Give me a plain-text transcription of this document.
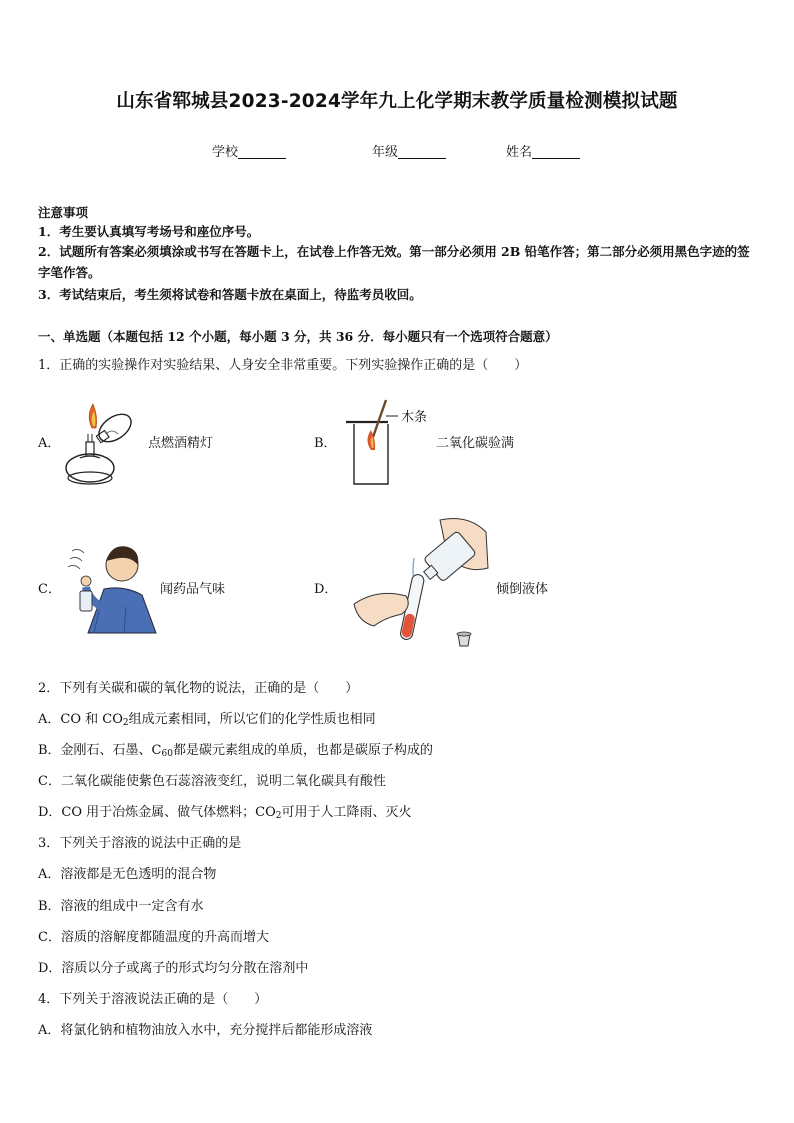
山东省郓城县2023-2024学年九上化学期末教学质量检测模拟试题
学校	年级	姓名
注意事项
1．考生要认真填写考场号和座位序号。
2．试题所有答案必须填涂或书写在答题卡上，在试卷上作答无效。第一部分必须用 2B 铅笔作答；第二部分必须用黑色字迹的签字笔作答。
3．考试结束后，考生须将试卷和答题卡放在桌面上，待监考员收回。
一、单选题（本题包括 12 个小题，每小题 3 分，共 36 分．每小题只有一个选项符合题意）
1．正确的实验操作对实验结果、人身安全非常重要。下列实验操作正确的是（　　）
A．	点燃酒精灯	B．
木条
二氧化碳验满
C．	闻药品气味	D．	倾倒液体
2．下列有关碳和碳的氧化物的说法，正确的是（　　）
A．CO 和 $CO_2$组成元素相同，所以它们的化学性质也相同
B．金刚石、石墨、$C_{60}$都是碳元素组成的单质，也都是碳原子构成的
C．二氧化碳能使紫色石蕊溶液变红，说明二氧化碳具有酸性
D．CO 用于冶炼金属、做气体燃料；$CO_2$可用于人工降雨、灭火
3．下列关于溶液的说法中正确的是
A．溶液都是无色透明的混合物
B．溶液的组成中一定含有水
C．溶质的溶解度都随温度的升高而增大
D．溶质以分子或离子的形式均匀分散在溶剂中
4．下列关于溶液说法正确的是（　　）
A．将氯化钠和植物油放入水中，充分搅拌后都能形成溶液
